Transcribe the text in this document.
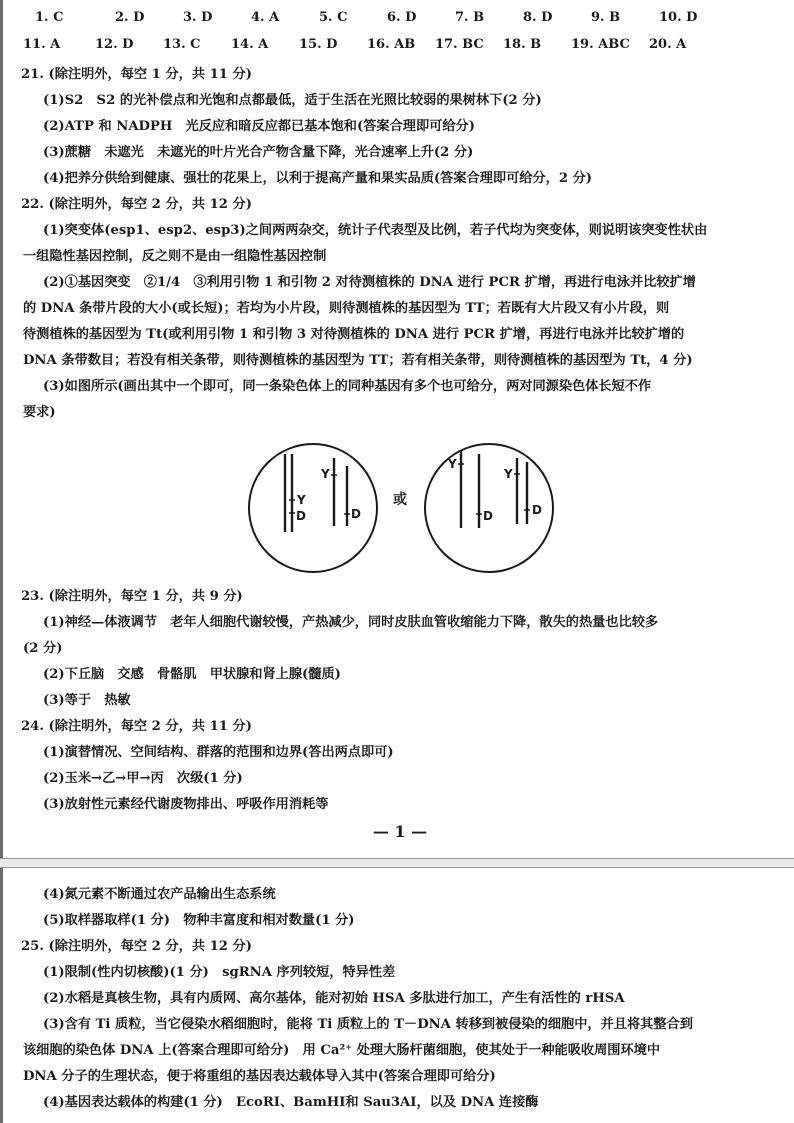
1. C	2. D	3. D	4. A	5. C	6. D	7. B	8. D	9. B	10. D
11. A	12. D 13. C 14. A 15. D 16. AB 17. BC 18. B 19. ABC 20. A
21. (除注明外，每空 1 分，共 11 分)
(1)S2　S2 的光补偿点和光饱和点都最低，适于生活在光照比较弱的果树林下(2 分)
(2)ATP 和 NADPH　光反应和暗反应都已基本饱和(答案合理即可给分)
(3)蔗糖　未遮光　未遮光的叶片光合产物含量下降，光合速率上升(2 分)
(4)把养分供给到健康、强壮的花果上，以利于提高产量和果实品质(答案合理即可给分，2 分)
22. (除注明外，每空 2 分，共 12 分)
(1)突变体(esp1、esp2、esp3)之间两两杂交，统计子代表型及比例，若子代均为突变体，则说明该突变性状由
一组隐性基因控制，反之则不是由一组隐性基因控制
(2)①基因突变　②1/4　③利用引物 1 和引物 2 对待测植株的 DNA 进行 PCR 扩增，再进行电泳并比较扩增
的 DNA 条带片段的大小(或长短)；若均为小片段，则待测植株的基因型为 TT；若既有大片段又有小片段，则
待测植株的基因型为 Tt(或利用引物 1 和引物 3 对待测植株的 DNA 进行 PCR 扩增，再进行电泳并比较扩增的
DNA 条带数目；若没有相关条带，则待测植株的基因型为 TT；若有相关条带，则待测植株的基因型为 Tt，4 分)
(3)如图所示(画出其中一个即可，同一条染色体上的同种基因有多个也可给分，两对同源染色体长短不作
要求)
Y
D
Y
D
Y
D
Y
D
或
23. (除注明外，每空 1 分，共 9 分)
(1)神经—体液调节　老年人细胞代谢较慢，产热减少，同时皮肤血管收缩能力下降，散失的热量也比较多
(2 分)
(2)下丘脑　交感　骨骼肌　甲状腺和肾上腺(髓质)
(3)等于　热敏
24. (除注明外，每空 2 分，共 11 分)
(1)演替情况、空间结构、群落的范围和边界(答出两点即可)
(2)玉米→乙→甲→丙　次级(1 分)
(3)放射性元素经代谢废物排出、呼吸作用消耗等
— 1 —
(4)氮元素不断通过农产品输出生态系统
(5)取样器取样(1 分)　物种丰富度和相对数量(1 分)
25. (除注明外，每空 2 分，共 12 分)
(1)限制(性内切核酸)(1 分)　sgRNA 序列较短，特异性差
(2)水稻是真核生物，具有内质网、高尔基体，能对初始 HSA 多肽进行加工，产生有活性的 rHSA
(3)含有 Ti 质粒，当它侵染水稻细胞时，能将 Ti 质粒上的 T－DNA 转移到被侵染的细胞中，并且将其整合到
该细胞的染色体 DNA 上(答案合理即可给分)　用 Ca²⁺ 处理大肠杆菌细胞，使其处于一种能吸收周围环境中
DNA 分子的生理状态，便于将重组的基因表达载体导入其中(答案合理即可给分)
(4)基因表达载体的构建(1 分)　EcoRⅠ、BamHⅠ和 Sau3AⅠ，以及 DNA 连接酶
